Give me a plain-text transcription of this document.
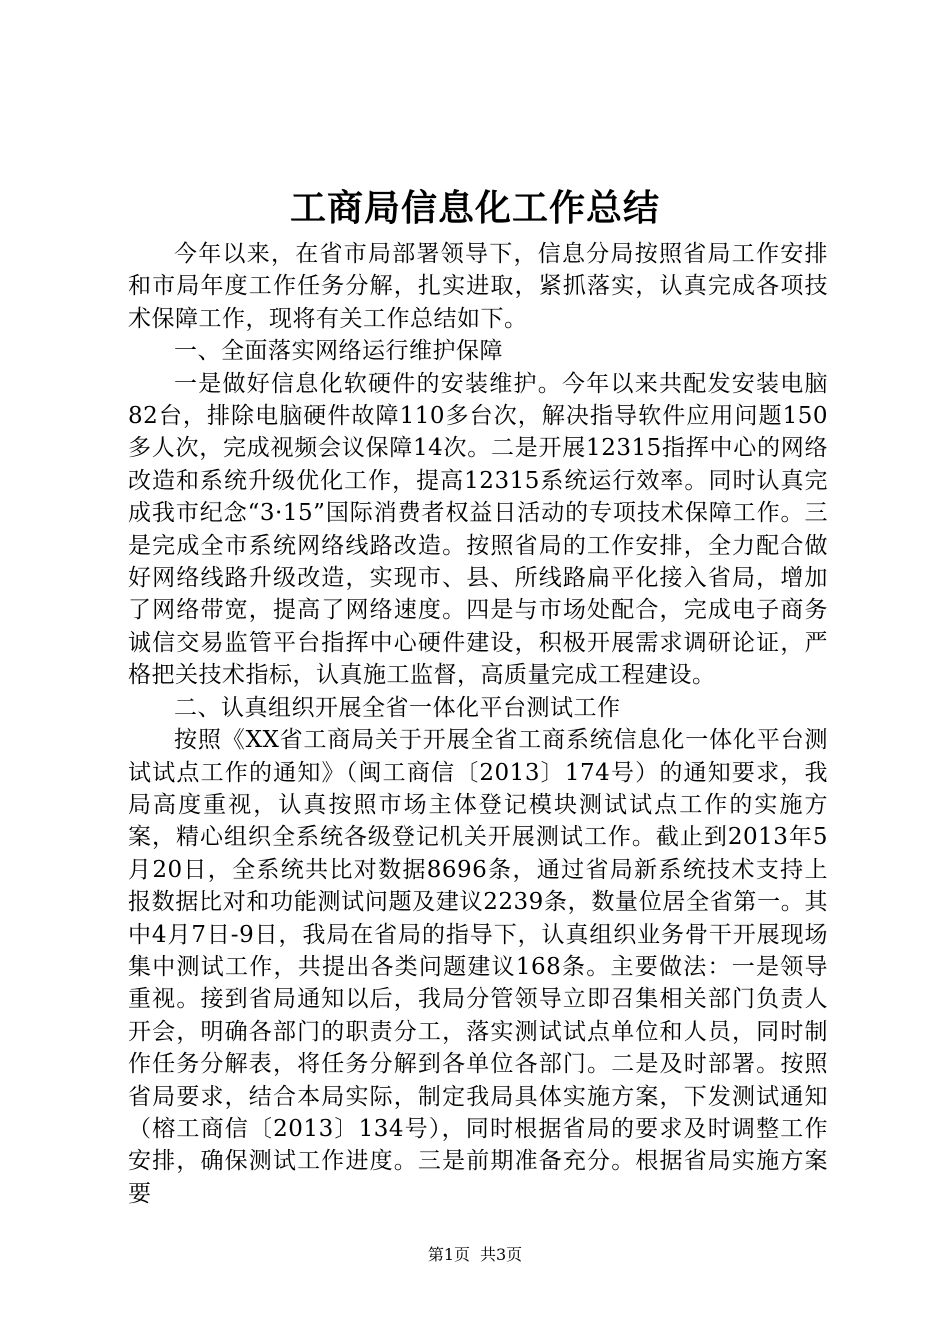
工商局信息化工作总结

今年以来，在省市局部署领导下，信息分局按照省局工作安排和市局年度工作任务分解，扎实进取，紧抓落实，认真完成各项技术保障工作，现将有关工作总结如下。

一、全面落实网络运行维护保障

一是做好信息化软硬件的安装维护。今年以来共配发安装电脑82台，排除电脑硬件故障110多台次，解决指导软件应用问题150多人次，完成视频会议保障14次。二是开展12315指挥中心的网络改造和系统升级优化工作，提高12315系统运行效率。同时认真完成我市纪念“3·15”国际消费者权益日活动的专项技术保障工作。三是完成全市系统网络线路改造。按照省局的工作安排，全力配合做好网络线路升级改造，实现市、县、所线路扁平化接入省局，增加了网络带宽，提高了网络速度。四是与市场处配合，完成电子商务诚信交易监管平台指挥中心硬件建设，积极开展需求调研论证，严格把关技术指标，认真施工监督，高质量完成工程建设。

二、认真组织开展全省一体化平台测试工作

按照《XX省工商局关于开展全省工商系统信息化一体化平台测试试点工作的通知》（闽工商信〔2013〕174号）的通知要求，我局高度重视，认真按照市场主体登记模块测试试点工作的实施方案，精心组织全系统各级登记机关开展测试工作。截止到2013年5月20日，全系统共比对数据8696条，通过省局新系统技术支持上报数据比对和功能测试问题及建议2239条，数量位居全省第一。其中4月7日-9日，我局在省局的指导下，认真组织业务骨干开展现场集中测试工作，共提出各类问题建议168条。主要做法：一是领导重视。接到省局通知以后，我局分管领导立即召集相关部门负责人开会，明确各部门的职责分工，落实测试试点单位和人员，同时制作任务分解表，将任务分解到各单位各部门。二是及时部署。按照省局要求，结合本局实际，制定我局具体实施方案，下发测试通知（榕工商信〔2013〕134号），同时根据省局的要求及时调整工作安排，确保测试工作进度。三是前期准备充分。根据省局实施方案要

第1页 共3页
